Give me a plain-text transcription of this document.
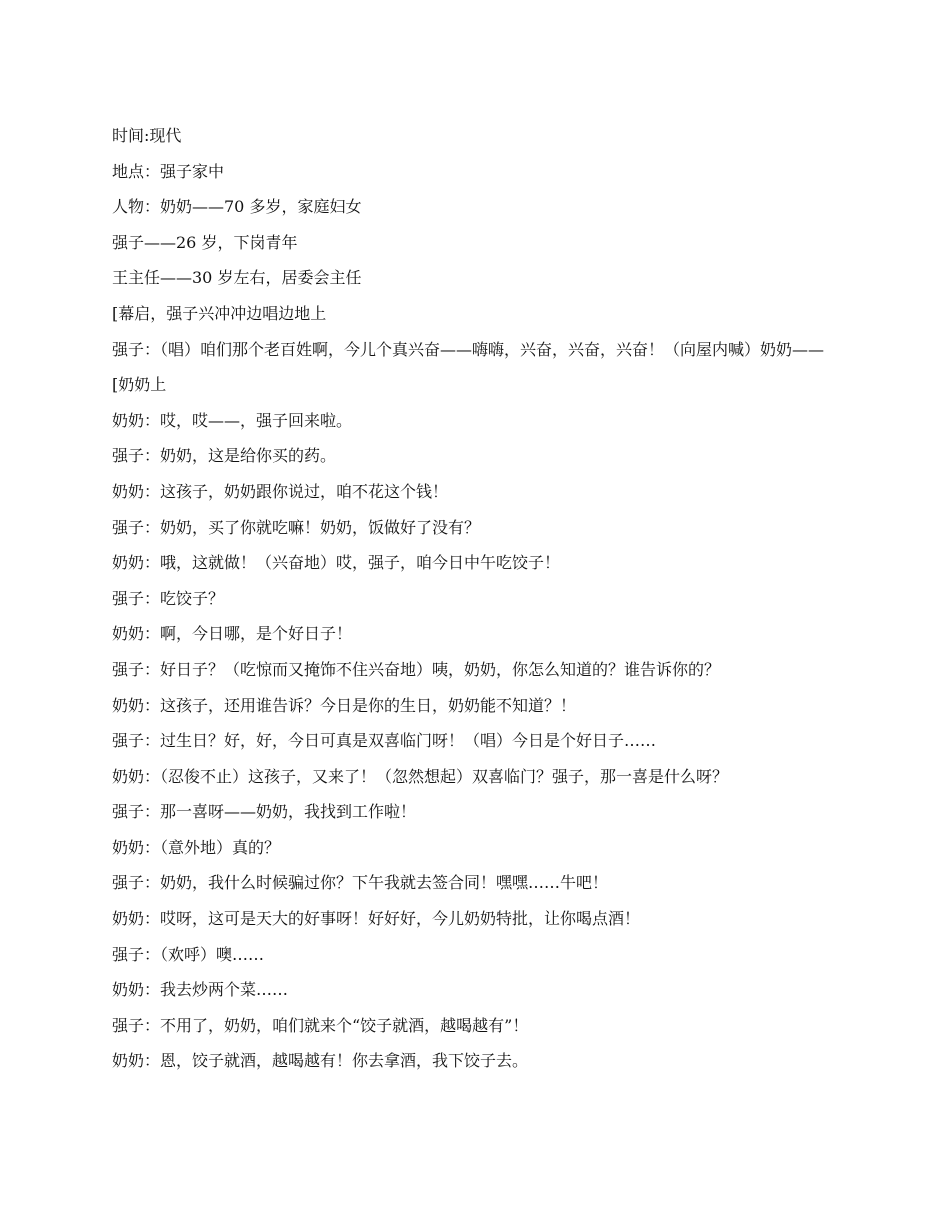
时间:现代

地点：强子家中

人物：奶奶——70 多岁，家庭妇女

强子——26 岁，下岗青年

王主任——30 岁左右，居委会主任

[幕启，强子兴冲冲边唱边地上

强子：（唱）咱们那个老百姓啊，今儿个真兴奋——嗨嗨，兴奋，兴奋，兴奋！（向屋内喊）奶奶——

[奶奶上

奶奶：哎，哎——，强子回来啦。

强子：奶奶，这是给你买的药。

奶奶：这孩子，奶奶跟你说过，咱不花这个钱！

强子：奶奶，买了你就吃嘛！奶奶，饭做好了没有？

奶奶：哦，这就做！（兴奋地）哎，强子，咱今日中午吃饺子！

强子：吃饺子？

奶奶：啊，今日哪，是个好日子！

强子：好日子？（吃惊而又掩饰不住兴奋地）咦，奶奶，你怎么知道的？谁告诉你的？

奶奶：这孩子，还用谁告诉？今日是你的生日，奶奶能不知道？！

强子：过生日？好，好，今日可真是双喜临门呀！（唱）今日是个好日子……

奶奶：（忍俊不止）这孩子，又来了！（忽然想起）双喜临门？强子，那一喜是什么呀？

强子：那一喜呀——奶奶，我找到工作啦！

奶奶：（意外地）真的？

强子：奶奶，我什么时候骗过你？下午我就去签合同！嘿嘿……牛吧！

奶奶：哎呀，这可是天大的好事呀！好好好，今儿奶奶特批，让你喝点酒！

强子：（欢呼）噢……

奶奶：我去炒两个菜……

强子：不用了，奶奶，咱们就来个“饺子就酒，越喝越有”！

奶奶：恩，饺子就酒，越喝越有！你去拿酒，我下饺子去。
